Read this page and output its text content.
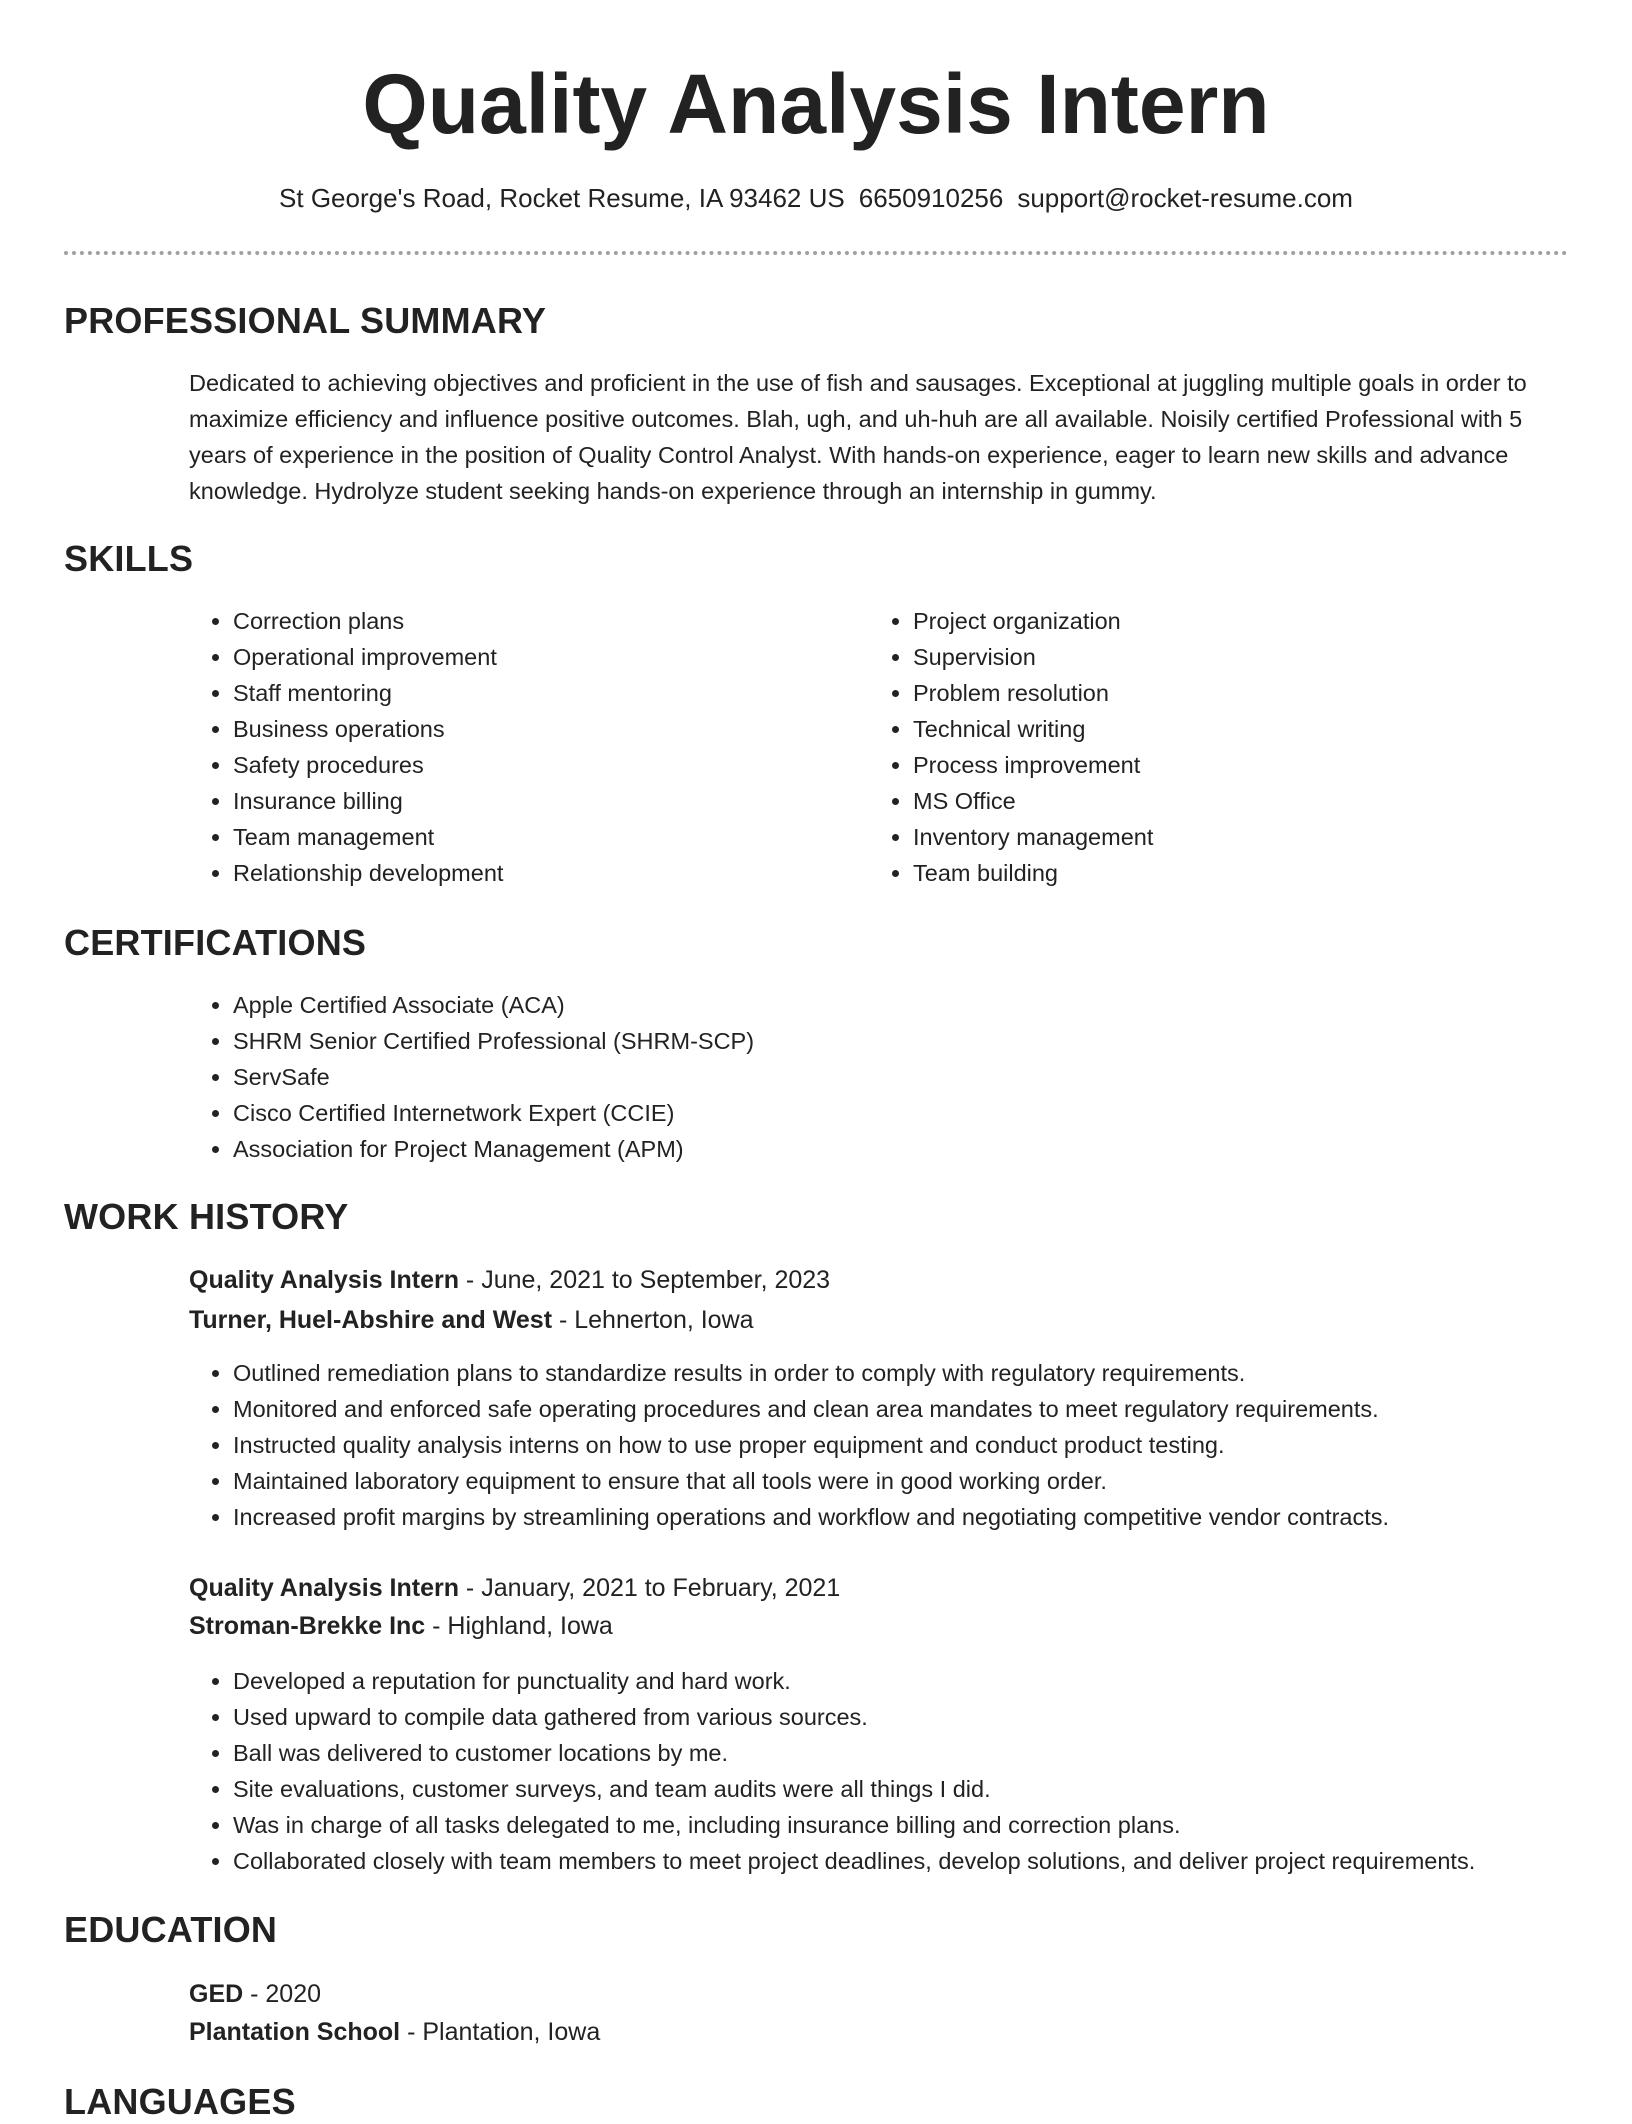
Quality Analysis Intern
St George's Road, Rocket Resume, IA 93462 US 6650910256 support@rocket-resume.com
PROFESSIONAL SUMMARY
Dedicated to achieving objectives and proficient in the use of fish and sausages. Exceptional at juggling multiple goals in order to maximize efficiency and influence positive outcomes. Blah, ugh, and uh-huh are all available. Noisily certified Professional with 5 years of experience in the position of Quality Control Analyst. With hands-on experience, eager to learn new skills and advance knowledge. Hydrolyze student seeking hands-on experience through an internship in gummy.
SKILLS
• Correction plans
• Operational improvement
• Staff mentoring
• Business operations
• Safety procedures
• Insurance billing
• Team management
• Relationship development
• Project organization
• Supervision
• Problem resolution
• Technical writing
• Process improvement
• MS Office
• Inventory management
• Team building
CERTIFICATIONS
• Apple Certified Associate (ACA)
• SHRM Senior Certified Professional (SHRM-SCP)
• ServSafe
• Cisco Certified Internetwork Expert (CCIE)
• Association for Project Management (APM)
WORK HISTORY
Quality Analysis Intern - June, 2021 to September, 2023
Turner, Huel-Abshire and West - Lehnerton, Iowa
• Outlined remediation plans to standardize results in order to comply with regulatory requirements.
• Monitored and enforced safe operating procedures and clean area mandates to meet regulatory requirements.
• Instructed quality analysis interns on how to use proper equipment and conduct product testing.
• Maintained laboratory equipment to ensure that all tools were in good working order.
• Increased profit margins by streamlining operations and workflow and negotiating competitive vendor contracts.
Quality Analysis Intern - January, 2021 to February, 2021
Stroman-Brekke Inc - Highland, Iowa
• Developed a reputation for punctuality and hard work.
• Used upward to compile data gathered from various sources.
• Ball was delivered to customer locations by me.
• Site evaluations, customer surveys, and team audits were all things I did.
• Was in charge of all tasks delegated to me, including insurance billing and correction plans.
• Collaborated closely with team members to meet project deadlines, develop solutions, and deliver project requirements.
EDUCATION
GED - 2020
Plantation School - Plantation, Iowa
LANGUAGES
